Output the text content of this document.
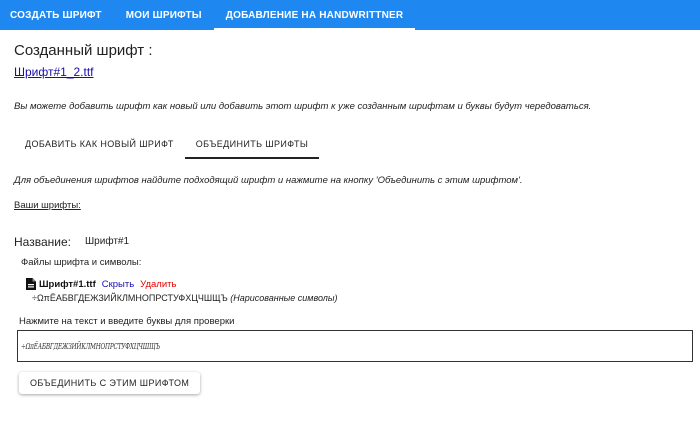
СОЗДАТЬ ШРИФТ	МОИ ШРИФТЫ	ДОБАВЛЕНИЕ НА HANDWRITTNER
Созданный шрифт :
Шрифт#1_2.ttf
Вы можете добавить шрифт как новый или добавить этот шрифт к уже созданным шрифтам и буквы будут чередоваться.
ДОБАВИТЬ КАК НОВЫЙ ШРИФТ	ОБЪЕДИНИТЬ ШРИФТЫ
Для объединения шрифтов найдите подходящий шрифт и нажмите на кнопку 'Объединить с этим шрифтом'.
Ваши шрифты:
Название: Шрифт#1
Файлы шрифта и символы:
Шрифт#1.ttf Скрыть Удалить
÷ΩπЁАБВГДЕЖЗИЙКЛМНОПРСТУФХЦЧШЩЪ (Нарисованные символы)
Нажмите на текст и введите буквы для проверки
÷ΩπЁАБВГДЕЖЗИЙКЛМНОПРСТУФХЦЧШЩЪ
ОБЪЕДИНИТЬ С ЭТИМ ШРИФТОМ
